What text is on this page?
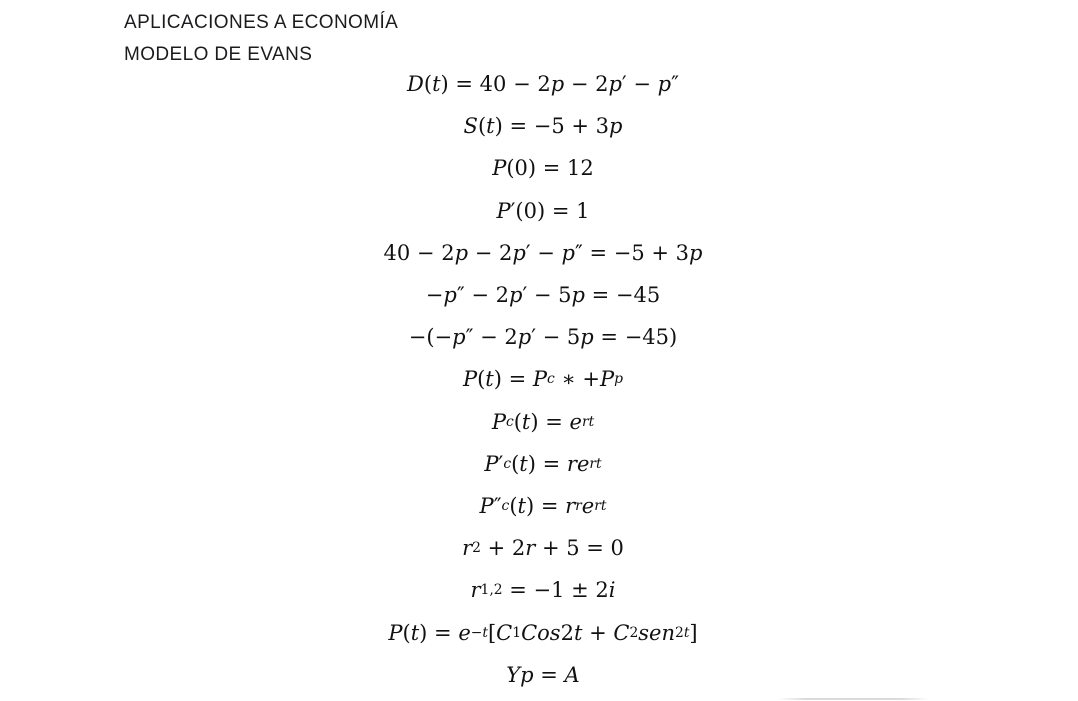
APLICACIONES A ECONOMÍA
MODELO DE EVANS
D ( t ) = 40 − 2 p − 2 p ′ − p ″
S ( t ) = −5 + 3 p
P (0) = 12
P ′(0) = 1
40 − 2 p − 2 p ′ − p ″ = −5 + 3 p
− p ″ − 2 p ′ − 5 p = −45
−(− p ″ − 2 p ′ − 5 p = −45)
P ( t ) = P c ∗ + P p
P c ( t ) = e rt
P ′ c ( t ) = r e rt
P ″ c ( t ) = r r e rt
r 2 + 2 r + 5 = 0
r 1,2 = −1 ± 2 i
P ( t ) = e −t [ C 1 C o s 2 t + C 2 s e n 2t ]
Y p = A
